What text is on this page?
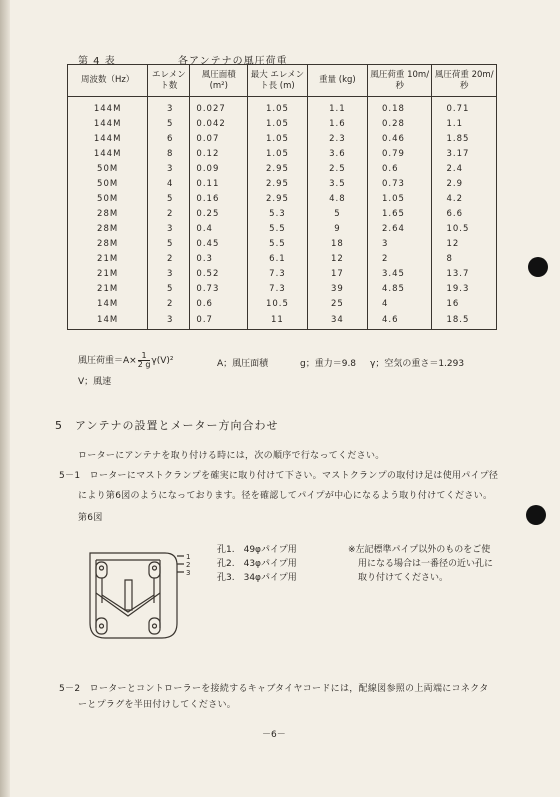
第 4 表	各アンテナの風圧荷重
周波数（Hz）	エレメント数	風圧面積 (m²)	最大 エレメント長 (m)	重量 (kg)	風圧荷重 10m/秒	風圧荷重 20m/秒
144M	3	0.027	1.05	1.1	0.18	0.71
144M	5	0.042	1.05	1.6	0.28	1.1
144M	6	0.07	1.05	2.3	0.46	1.85
144M	8	0.12	1.05	3.6	0.79	3.17
50M	3	0.09	2.95	2.5	0.6	2.4
50M	4	0.11	2.95	3.5	0.73	2.9
50M	5	0.16	2.95	4.8	1.05	4.2
28M	2	0.25	5.3	5	1.65	6.6
28M	3	0.4	5.5	9	2.64	10.5
28M	5	0.45	5.5	18	3	12
21M	2	0.3	6.1	12	2	8
21M	3	0.52	7.3	17	3.45	13.7
21M	5	0.73	7.3	39	4.85	19.3
14M	2	0.6	10.5	25	4	16
14M	3	0.7	11	34	4.6	18.5
風圧荷重$=A\times \frac{1}{2 g} \gamma(V)^2$	A；風圧面積	g；重力＝9.8 γ；空気の重さ＝1.293
V；風速
5　アンテナの設置とメーター方向合わせ
ローターにアンテナを取り付ける時には，次の順序で行なってください。
5－1　ローターにマストクランプを確実に取り付けて下さい。マストクランプの取付け足は使用パイプ径
により第6図のようになっております。径を確認してパイプが中心になるよう取り付けてください。
第6図
1
2
3
孔1.　49φパイプ用
孔2.　43φパイプ用
孔3.　34φパイプ用
※左記標準パイプ以外のものをご使
用になる場合は一番径の近い孔に
取り付けてください。
5－2　ローターとコントローラーを接続するキャブタイヤコードには，配線図参照の上両端にコネクタ
ーとプラグを半田付けしてください。
－6－
